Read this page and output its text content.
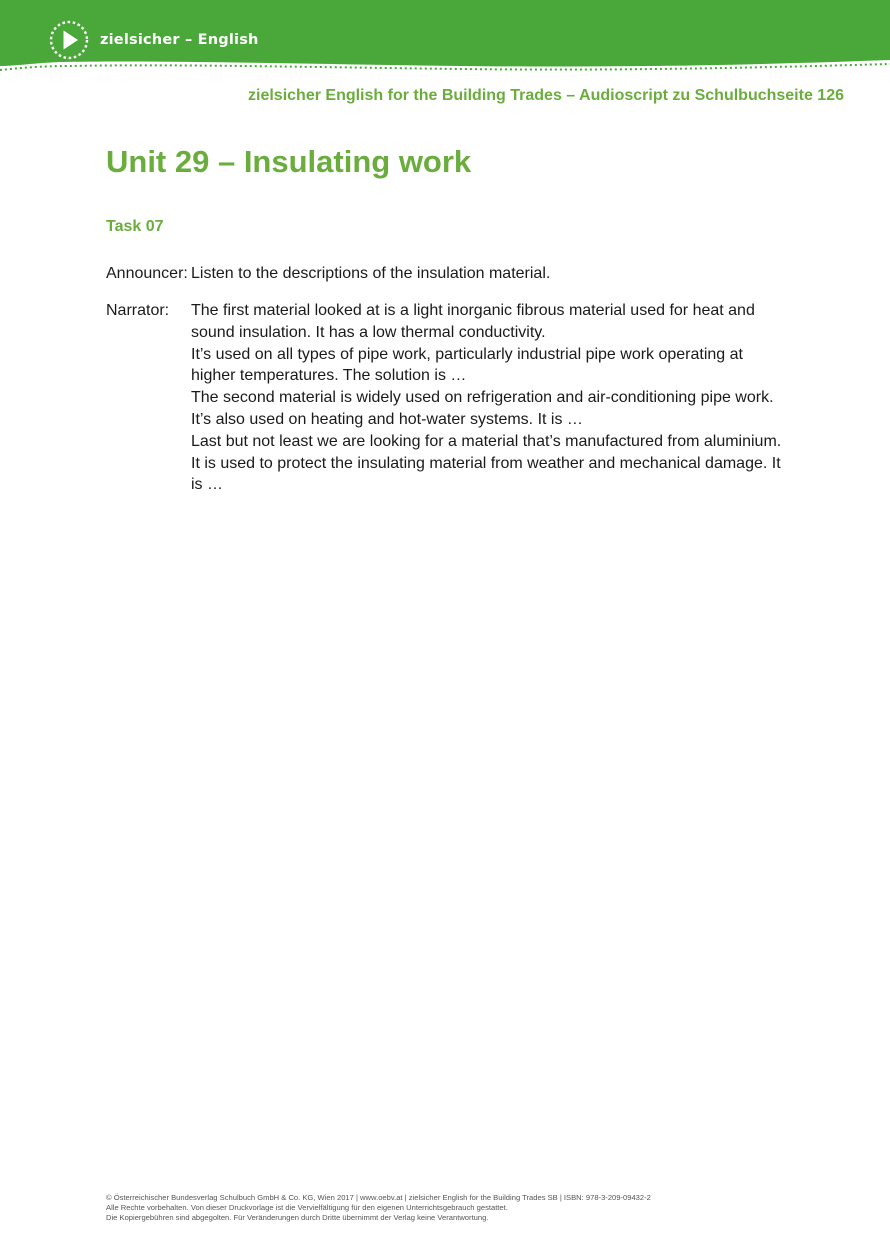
zielsicher – English
zielsicher English for the Building Trades – Audioscript zu Schulbuchseite 126
Unit 29 – Insulating work
Task 07
Announcer: Listen to the descriptions of the insulation material.

Narrator: The first material looked at is a light inorganic fibrous material used for heat and sound insulation. It has a low thermal conductivity.

It’s used on all types of pipe work, particularly industrial pipe work operating at higher temperatures. The solution is …

The second material is widely used on refrigeration and air-conditioning pipe work. It’s also used on heating and hot-water systems. It is …

Last but not least we are looking for a material that’s manufactured from aluminium. It is used to protect the insulating material from weather and mechanical damage. It is …

© Österreichischer Bundesverlag Schulbuch GmbH & Co. KG, Wien 2017 | www.oebv.at | zielsicher English for the Building Trades SB | ISBN: 978-3-209-09432-2

Alle Rechte vorbehalten. Von dieser Druckvorlage ist die Vervielfältigung für den eigenen Unterrichtsgebrauch gestattet.

Die Kopiergebühren sind abgegolten. Für Veränderungen durch Dritte übernimmt der Verlag keine Verantwortung.
